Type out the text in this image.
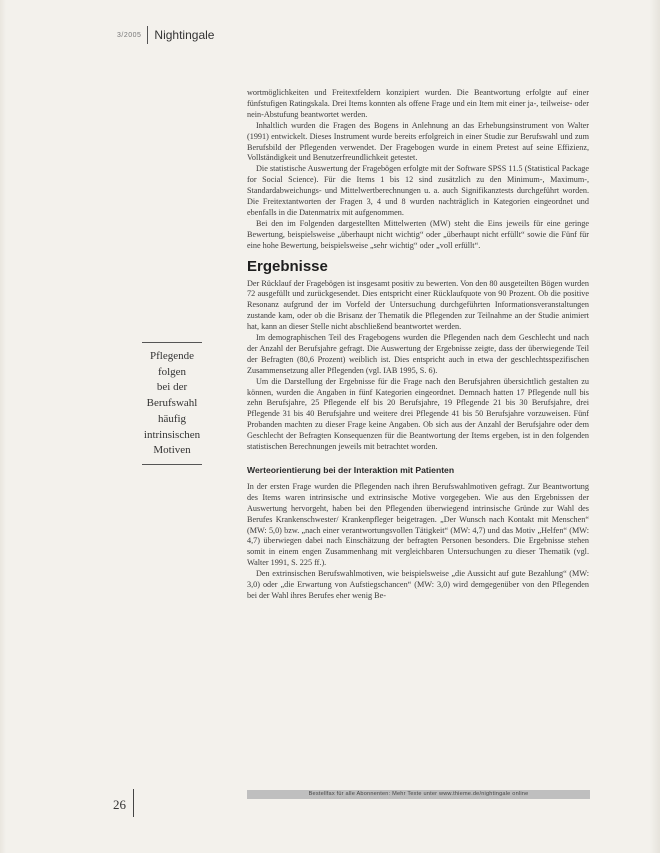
3/2005 Nightingale
Pflegende folgen
bei der
Berufswahl
häufig
intrinsischen
Motiven

wortmöglichkeiten und Freitextfeldern konzipiert wurden. Die Beantwortung erfolgte auf einer fünfstufigen Ratingskala. Drei Items konnten als offene Frage und ein Item mit einer ja-, teilweise- oder nein-Abstufung beantwortet werden.

Inhaltlich wurden die Fragen des Bogens in Anlehnung an das Erhebungsinstrument von Walter (1991) entwickelt. Dieses Instrument wurde bereits erfolgreich in einer Studie zur Berufswahl und zum Berufsbild der Pflegenden verwendet. Der Fragebogen wurde in einem Pretest auf seine Effizienz, Vollständigkeit und Benutzerfreundlichkeit getestet.

Die statistische Auswertung der Fragebögen erfolgte mit der Software SPSS 11.5 (Statistical Package for Social Science). Für die Items 1 bis 12 sind zusätzlich zu den Minimum-, Maximum-, Standardabweichungs- und Mittelwertberechnungen u. a. auch Signifikanztests durchgeführt worden. Die Freitextantworten der Fragen 3, 4 und 8 wurden nachträglich in Kategorien eingeordnet und ebenfalls in die Datenmatrix mit aufgenommen.

Bei den im Folgenden dargestellten Mittelwerten (MW) steht die Eins jeweils für eine geringe Bewertung, beispielsweise „überhaupt nicht wichtig“ oder „überhaupt nicht erfüllt“ sowie die Fünf für eine hohe Bewertung, beispielsweise „sehr wichtig“ oder „voll erfüllt“.

Ergebnisse

Der Rücklauf der Fragebögen ist insgesamt positiv zu bewerten. Von den 80 ausgeteilten Bögen wurden 72 ausgefüllt und zurückgesendet. Dies entspricht einer Rücklaufquote von 90 Prozent. Ob die positive Resonanz aufgrund der im Vorfeld der Untersuchung durchgeführten Informationsveranstaltungen zustande kam, oder ob die Brisanz der Thematik die Pflegenden zur Teilnahme an der Studie animiert hat, kann an dieser Stelle nicht abschließend beantwortet werden.

Im demographischen Teil des Fragebogens wurden die Pflegenden nach dem Geschlecht und nach der Anzahl der Berufsjahre gefragt. Die Auswertung der Ergebnisse zeigte, dass der überwiegende Teil der Befragten (80,6 Prozent) weiblich ist. Dies entspricht auch in etwa der geschlechtsspezifischen Zusammensetzung aller Pflegenden (vgl. IAB 1995, S. 6).

Um die Darstellung der Ergebnisse für die Frage nach den Berufsjahren übersichtlich gestalten zu können, wurden die Angaben in fünf Kategorien eingeordnet. Demnach hatten 17 Pflegende null bis zehn Berufsjahre, 25 Pflegende elf bis 20 Berufsjahre, 19 Pflegende 21 bis 30 Berufsjahre, drei Pflegende 31 bis 40 Berufsjahre und weitere drei Pflegende 41 bis 50 Berufsjahre vorzuweisen. Fünf Probanden machten zu dieser Frage keine Angaben. Ob sich aus der Anzahl der Berufsjahre oder dem Geschlecht der Befragten Konsequenzen für die Beantwortung der Items ergeben, ist in den folgenden statistischen Berechnungen jeweils mit betrachtet worden.

Werteorientierung bei der Interaktion mit Patienten

In der ersten Frage wurden die Pflegenden nach ihren Berufswahlmotiven gefragt. Zur Beantwortung des Items waren intrinsische und extrinsische Motive vorgegeben. Wie aus den Ergebnissen der Auswertung hervorgeht, haben bei den Pflegenden überwiegend intrinsische Gründe zur Wahl des Berufes Krankenschwester/ Krankenpfleger beigetragen. „Der Wunsch nach Kontakt mit Menschen“ (MW: 5,0) bzw. „nach einer verantwortungsvollen Tätigkeit“ (MW: 4,7) und das Motiv „Helfen“ (MW: 4,7) überwiegen dabei nach Einschätzung der befragten Personen besonders. Die Ergebnisse stehen somit in einem engen Zusammenhang mit vergleichbaren Untersuchungen zu dieser Thematik (vgl. Walter 1991, S. 225 ff.).

Den extrinsischen Berufswahlmotiven, wie beispielsweise „die Aussicht auf gute Bezahlung“ (MW: 3,0) oder „die Erwartung von Aufstiegschancen“ (MW: 3,0) wird demgegenüber von den Pflegenden bei der Wahl ihres Berufes eher wenig Be-

26
Bestellfax für alle Abonnenten: Mehr Texte unter www.thieme.de/nightingale online
